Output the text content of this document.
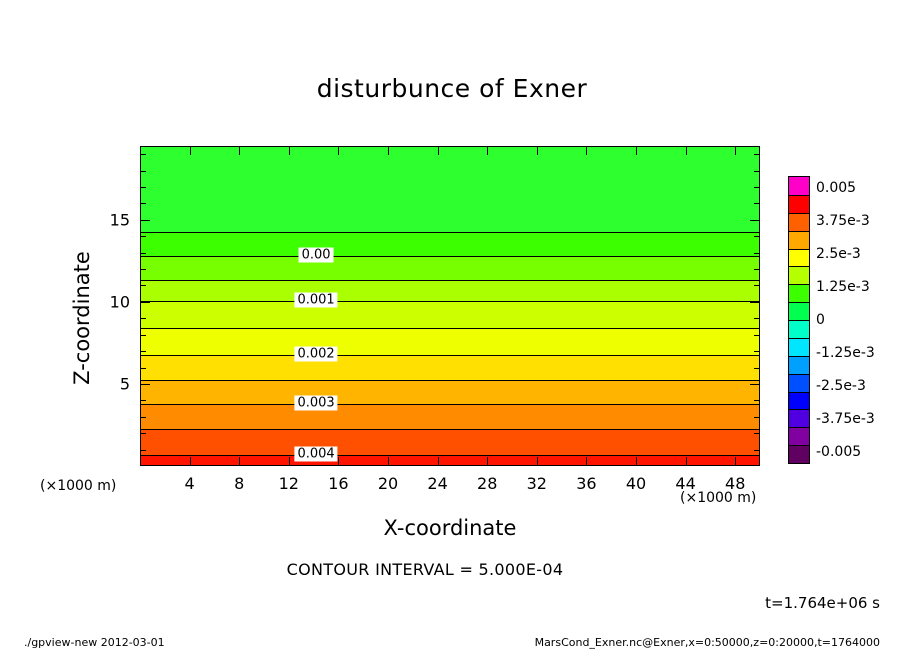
disturbunce of Exner
4 8 12 16 20 24 28 32 36 40 44 48
5
10
15
0.00
0.001
0.002
0.003
0.004
X-coordinate
Z-coordinate
(×1000 m)
(×1000 m)
0.005
3.75e-3
2.5e-3
1.25e-3
0
-1.25e-3
-2.5e-3
-3.75e-3
-0.005
CONTOUR INTERVAL = 5.000E-04
t=1.764e+06 s
./gpview-new 2012-03-01	MarsCond_Exner.nc@Exner,x=0:50000,z=0:20000,t=1764000
